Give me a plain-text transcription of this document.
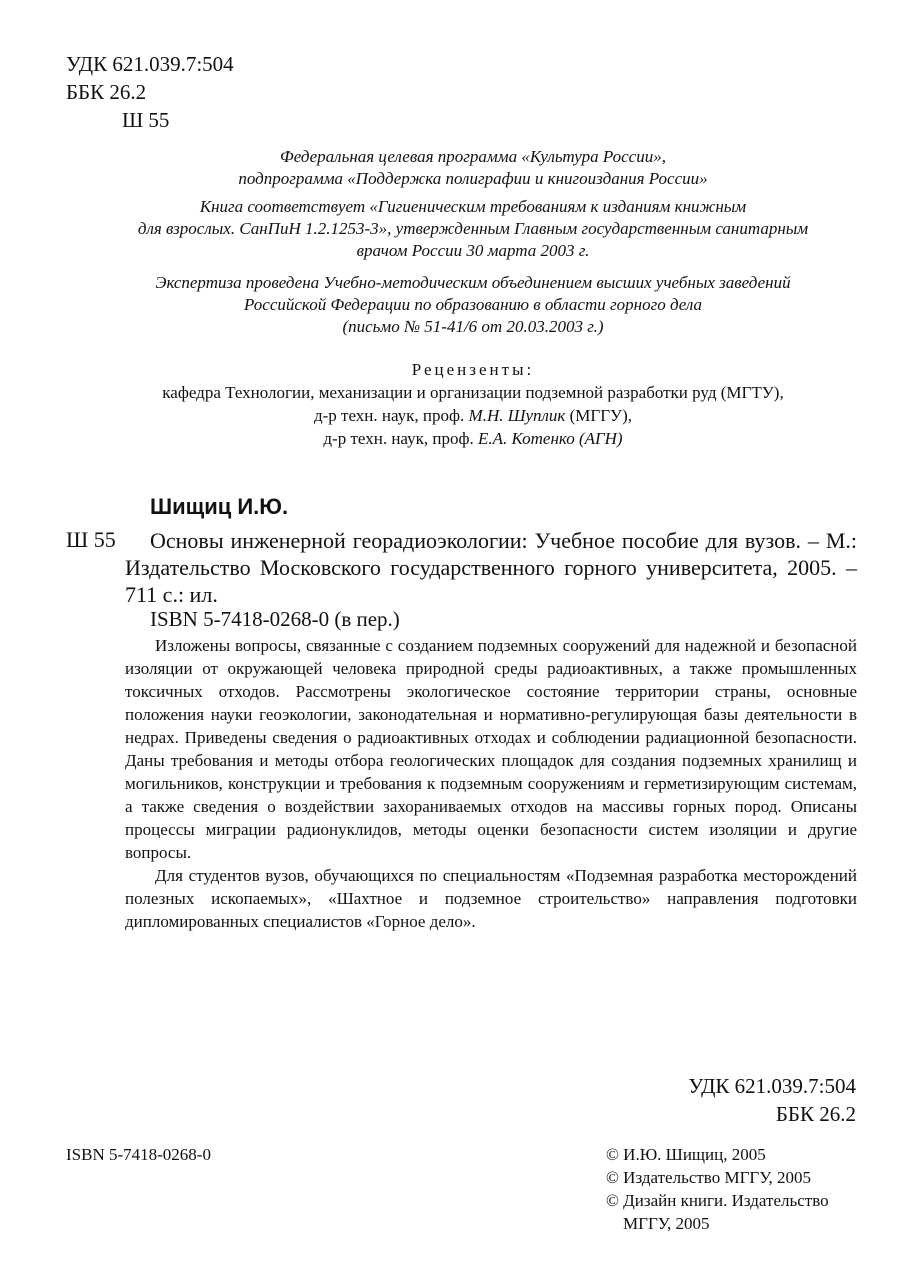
УДК 621.039.7:504
ББК 26.2

Ш 55
Федеральная целевая программа «Культура России»,
подпрограмма «Поддержка полиграфии и книгоиздания России»
Книга соответствует «Гигиеническим требованиям к изданиям книжным
для взрослых. СанПиН 1.2.1253-3», утвержденным Главным государственным санитарным
врачом России 30 марта 2003 г.
Экспертиза проведена Учебно-методическим объединением высших учебных заведений
Российской Федерации по образованию в области горного дела
(письмо № 51-41/6 от 20.03.2003 г.)
Рецензенты:
кафедра Технологии, механизации и организации подземной разработки руд (МГТУ),
д-р техн. наук, проф. М.Н. Шуплик (МГГУ),
д-р техн. наук, проф. Е.А. Котенко (АГН)
Шищиц И.Ю.
Ш 55	Основы инженерной георадиоэкологии: Учебное пособие для вузов. – М.: Издательство Московского государственного горного университета, 2005. – 711 с.: ил.
ISBN 5-7418-0268-0 (в пер.)

Изложены вопросы, связанные с созданием подземных сооружений для надежной и безопасной изоляции от окружающей человека природной среды радиоактивных, а также промышленных токсичных отходов. Рассмотрены экологическое состояние территории страны, основные положения науки геоэкологии, законодательная и нормативно-регулирующая базы деятельности в недрах. Приведены сведения о радиоактивных отходах и соблюдении радиационной безопасности. Даны требования и методы отбора геологических площадок для создания подземных хранилищ и могильников, конструкции и требования к подземным сооружениям и герметизирующим системам, а также сведения о воздействии захораниваемых отходов на массивы горных пород. Описаны процессы миграции радионуклидов, методы оценки безопасности систем изоляции и другие вопросы.

Для студентов вузов, обучающихся по специальностям «Подземная разработка месторождений полезных ископаемых», «Шахтное и подземное строительство» направления подготовки дипломированных специалистов «Горное дело».

УДК 621.039.7:504
ББК 26.2
ISBN 5-7418-0268-0	© И.Ю. Шищиц, 2005
© Издательство МГГУ, 2005
© Дизайн книги. Издательство
МГГУ, 2005
